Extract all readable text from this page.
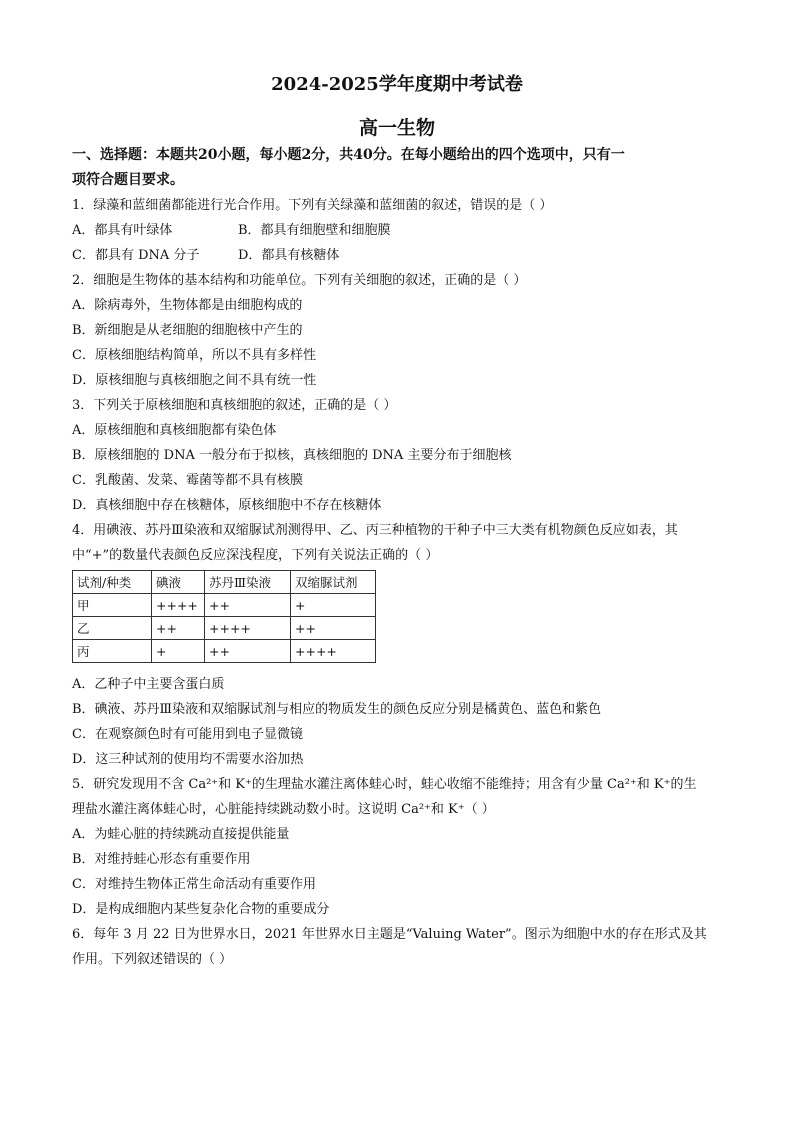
2024-2025学年度期中考试卷
高一生物
一、选择题：本题共20小题，每小题2分，共40分。在每小题给出的四个选项中，只有一
项符合题目要求。
1．绿藻和蓝细菌都能进行光合作用。下列有关绿藻和蓝细菌的叙述，错误的是（ ）
A．都具有叶绿体	B．都具有细胞壁和细胞膜
C．都具有 DNA 分子	D．都具有核糖体
2．细胞是生物体的基本结构和功能单位。下列有关细胞的叙述，正确的是（ ）
A．除病毒外，生物体都是由细胞构成的
B．新细胞是从老细胞的细胞核中产生的
C．原核细胞结构简单，所以不具有多样性
D．原核细胞与真核细胞之间不具有统一性
3．下列关于原核细胞和真核细胞的叙述，正确的是（ ）
A．原核细胞和真核细胞都有染色体
B．原核细胞的 DNA 一般分布于拟核，真核细胞的 DNA 主要分布于细胞核
C．乳酸菌、发菜、霉菌等都不具有核膜
D．真核细胞中存在核糖体，原核细胞中不存在核糖体
4．用碘液、苏丹Ⅲ染液和双缩脲试剂测得甲、乙、丙三种植物的干种子中三大类有机物颜色反应如表，其
中“+”的数量代表颜色反应深浅程度，下列有关说法正确的（ ）
试剂/种类	碘液	苏丹Ⅲ染液	双缩脲试剂
甲	++++	++	+
乙	++	++++	++
丙	+	++	++++
A．乙种子中主要含蛋白质
B．碘液、苏丹Ⅲ染液和双缩脲试剂与相应的物质发生的颜色反应分别是橘黄色、蓝色和紫色
C．在观察颜色时有可能用到电子显微镜
D．这三种试剂的使用均不需要水浴加热
5．研究发现用不含 Ca²⁺和 K⁺的生理盐水灌注离体蛙心时，蛙心收缩不能维持；用含有少量 Ca²⁺和 K⁺的生
理盐水灌注离体蛙心时，心脏能持续跳动数小时。这说明 Ca²⁺和 K⁺（ ）
A．为蛙心脏的持续跳动直接提供能量
B．对维持蛙心形态有重要作用
C．对维持生物体正常生命活动有重要作用
D．是构成细胞内某些复杂化合物的重要成分
6．每年 3 月 22 日为世界水日，2021 年世界水日主题是“Valuing Water”。图示为细胞中水的存在形式及其
作用。下列叙述错误的（ ）
